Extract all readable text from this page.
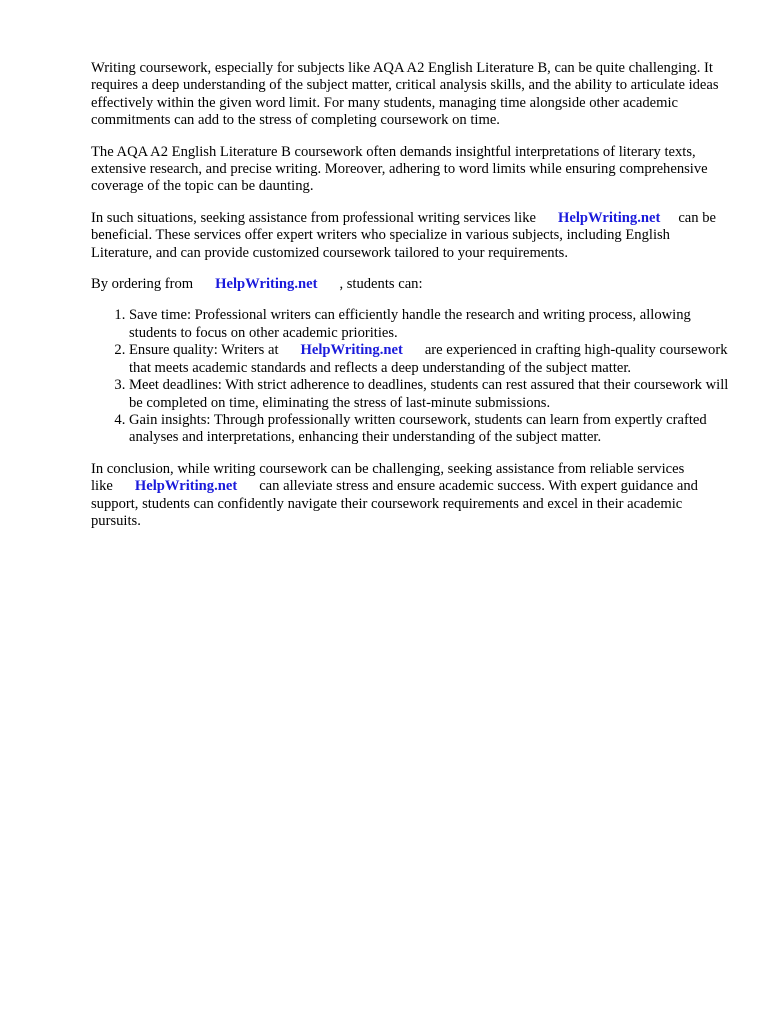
Writing coursework, especially for subjects like AQA A2 English Literature B, can be quite challenging. It requires a deep understanding of the subject matter, critical analysis skills, and the ability to articulate ideas effectively within the given word limit. For many students, managing time alongside other academic commitments can add to the stress of completing coursework on time.

The AQA A2 English Literature B coursework often demands insightful interpretations of literary texts, extensive research, and precise writing. Moreover, adhering to word limits while ensuring comprehensive coverage of the topic can be daunting.

In such situations, seeking assistance from professional writing services like HelpWriting.net can be beneficial. These services offer expert writers who specialize in various subjects, including English Literature, and can provide customized coursework tailored to your requirements.

By ordering from HelpWriting.net , students can:

1. Save time: Professional writers can efficiently handle the research and writing process, allowing students to focus on other academic priorities.
2. Ensure quality: Writers at HelpWriting.net are experienced in crafting high-quality coursework that meets academic standards and reflects a deep understanding of the subject matter.
3. Meet deadlines: With strict adherence to deadlines, students can rest assured that their coursework will be completed on time, eliminating the stress of last-minute submissions.
4. Gain insights: Through professionally written coursework, students can learn from expertly crafted analyses and interpretations, enhancing their understanding of the subject matter.

In conclusion, while writing coursework can be challenging, seeking assistance from reliable services like HelpWriting.net can alleviate stress and ensure academic success. With expert guidance and support, students can confidently navigate their coursework requirements and excel in their academic pursuits.
